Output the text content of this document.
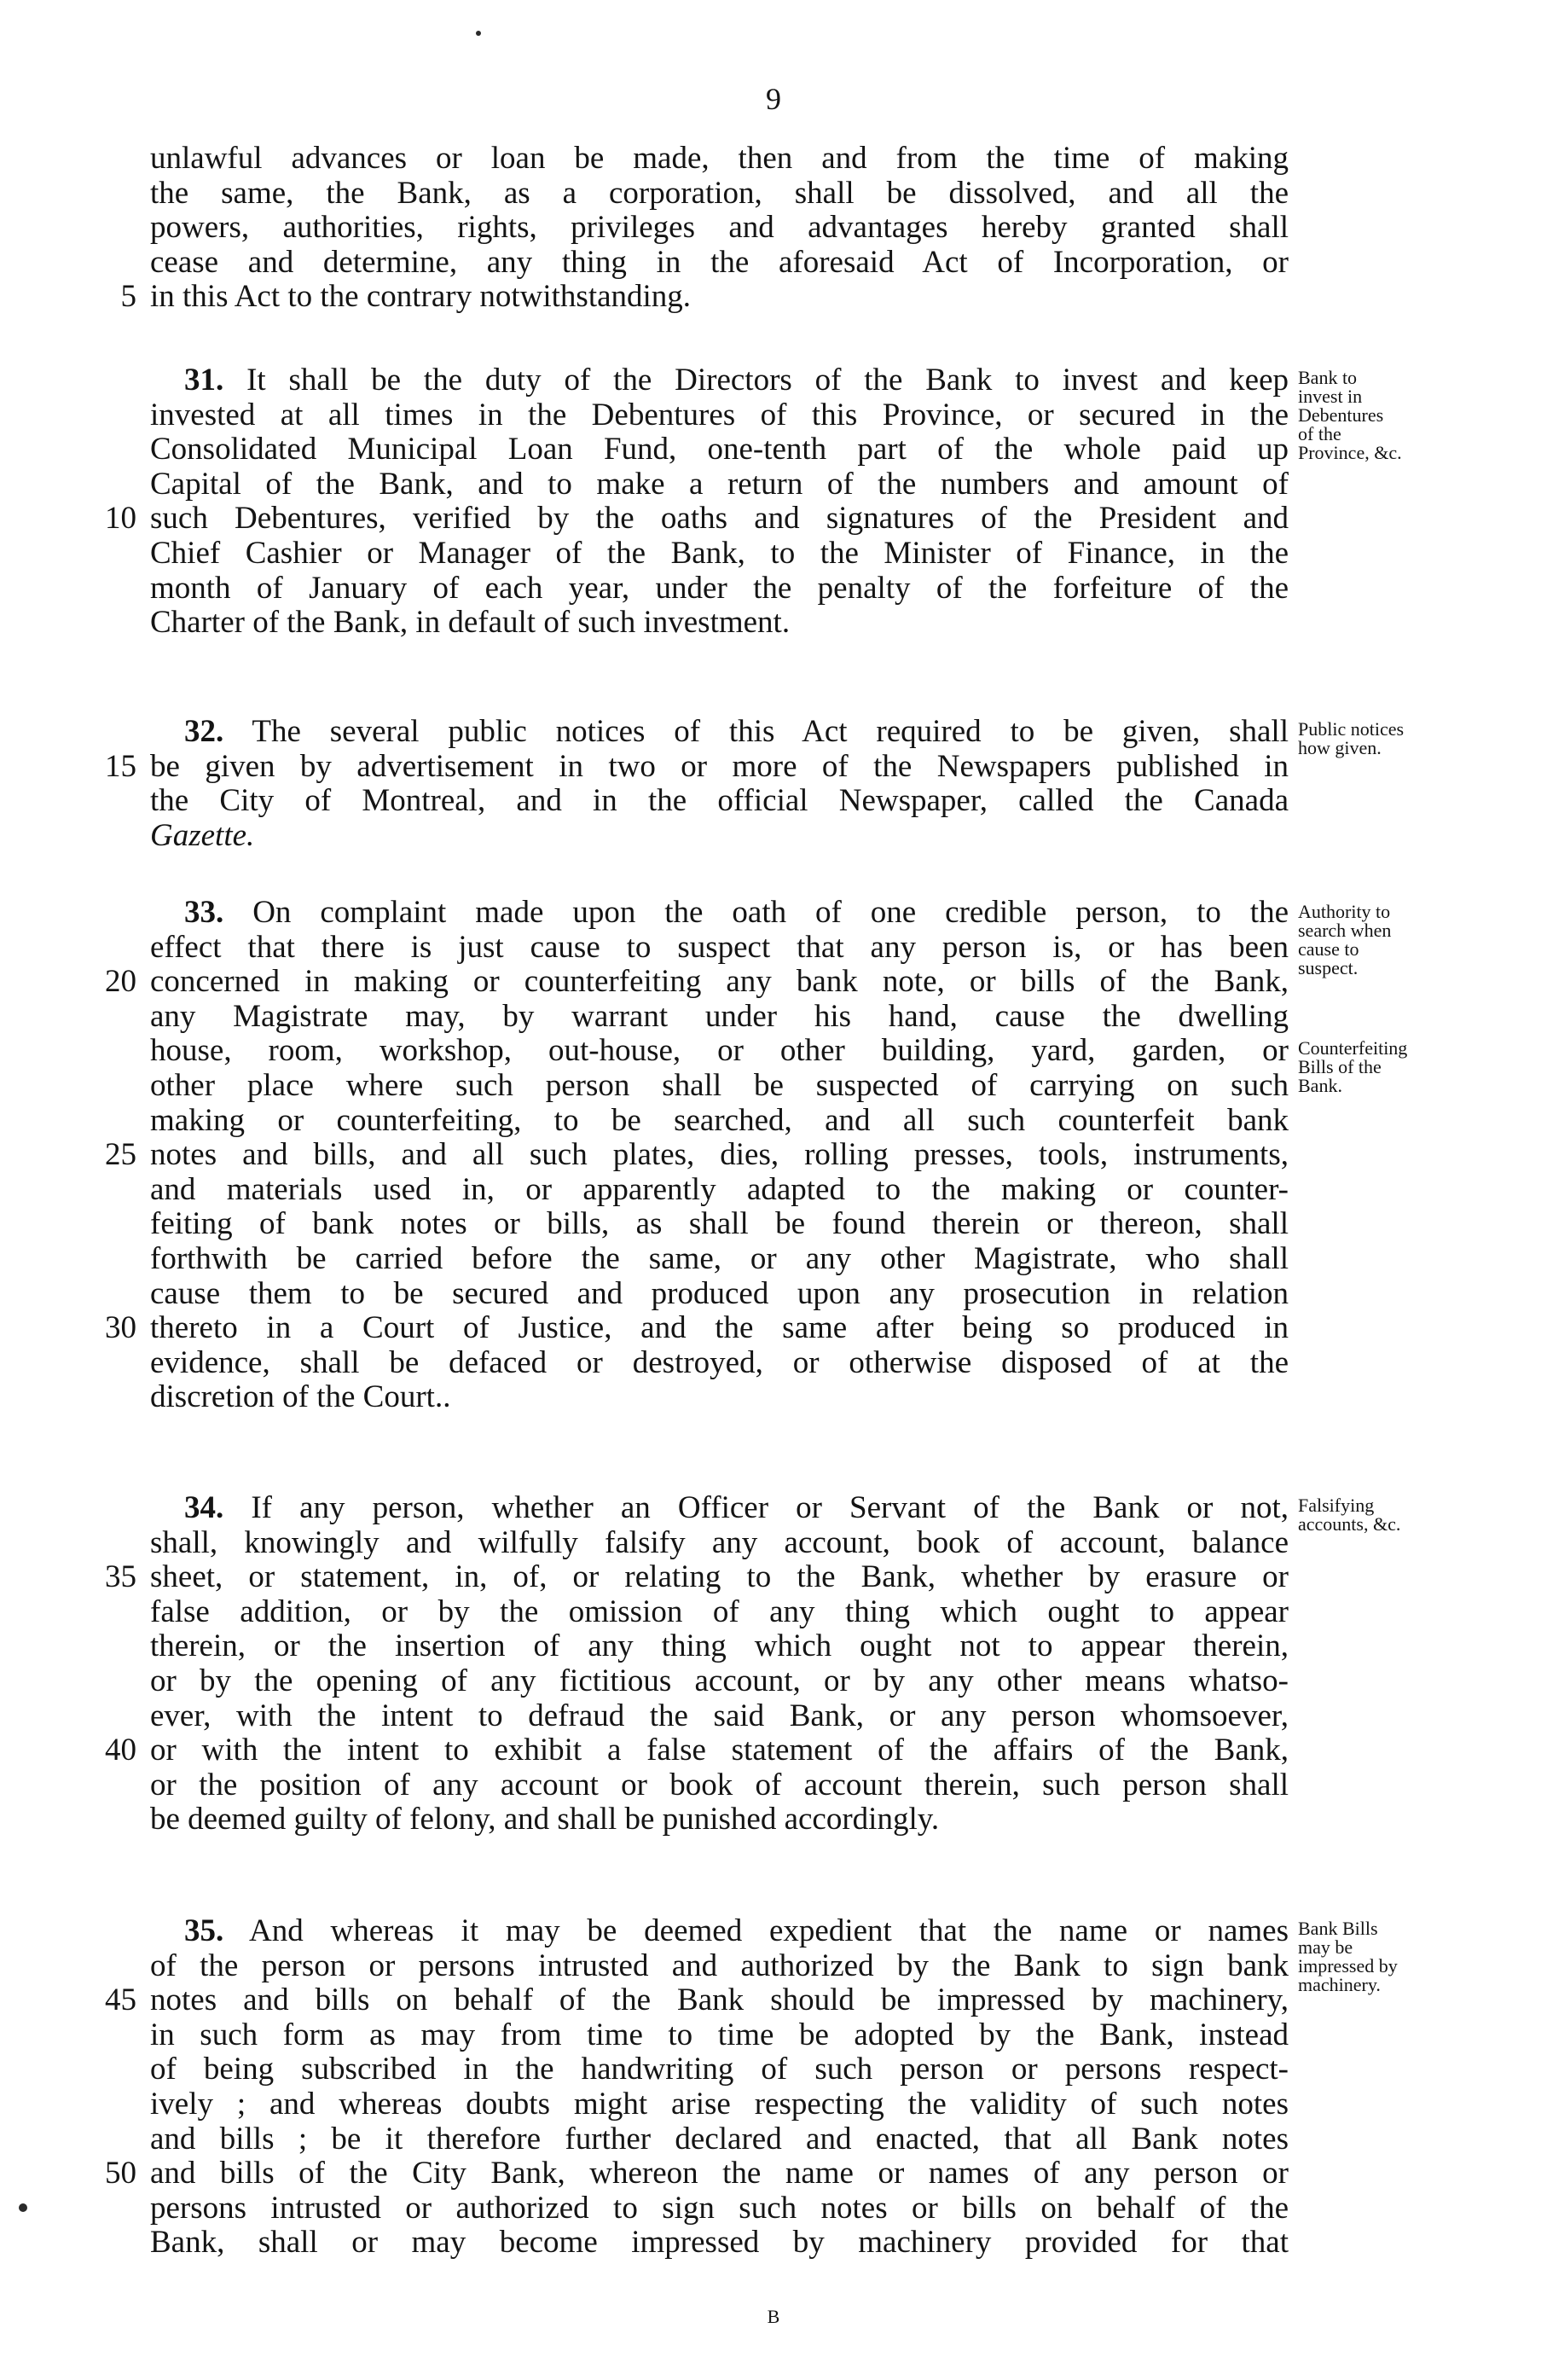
9
unlawful advances or loan be made, then and from the time of making
the same, the Bank, as a corporation, shall be dissolved, and all the
powers, authorities, rights, privileges and advantages hereby granted shall
cease and determine, any thing in the aforesaid Act of Incorporation, or
in this Act to the contrary notwithstanding.
5
31. It shall be the duty of the Directors of the Bank to invest and keep
invested at all times in the Debentures of this Province, or secured in the
Consolidated Municipal Loan Fund, one-tenth part of the whole paid up
Capital of the Bank, and to make a return of the numbers and amount of
such Debentures, verified by the oaths and signatures of the President and
10
Chief Cashier or Manager of the Bank, to the Minister of Finance, in the
month of January of each year, under the penalty of the forfeiture of the
Charter of the Bank, in default of such investment.
32. The several public notices of this Act required to be given, shall
be given by advertisement in two or more of the Newspapers published in
15
the City of Montreal, and in the official Newspaper, called the Canada
Gazette.
33. On complaint made upon the oath of one credible person, to the
effect that there is just cause to suspect that any person is, or has been
concerned in making or counterfeiting any bank note, or bills of the Bank,
20
any Magistrate may, by warrant under his hand, cause the dwelling
house, room, workshop, out-house, or other building, yard, garden, or
other place where such person shall be suspected of carrying on such
making or counterfeiting, to be searched, and all such counterfeit bank
notes and bills, and all such plates, dies, rolling presses, tools, instruments,
25
and materials used in, or apparently adapted to the making or counter-
feiting of bank notes or bills, as shall be found therein or thereon, shall
forthwith be carried before the same, or any other Magistrate, who shall
cause them to be secured and produced upon any prosecution in relation
thereto in a Court of Justice, and the same after being so produced in
30
evidence, shall be defaced or destroyed, or otherwise disposed of at the
discretion of the Court..
34. If any person, whether an Officer or Servant of the Bank or not,
shall, knowingly and wilfully falsify any account, book of account, balance
sheet, or statement, in, of, or relating to the Bank, whether by erasure or
35
false addition, or by the omission of any thing which ought to appear
therein, or the insertion of any thing which ought not to appear therein,
or by the opening of any fictitious account, or by any other means whatso-
ever, with the intent to defraud the said Bank, or any person whomsoever,
or with the intent to exhibit a false statement of the affairs of the Bank,
40
or the position of any account or book of account therein, such person shall
be deemed guilty of felony, and shall be punished accordingly.
35. And whereas it may be deemed expedient that the name or names
of the person or persons intrusted and authorized by the Bank to sign bank
notes and bills on behalf of the Bank should be impressed by machinery,
45
in such form as may from time to time be adopted by the Bank, instead
of being subscribed in the handwriting of such person or persons respect-
ively ; and whereas doubts might arise respecting the validity of such notes
and bills ; be it therefore further declared and enacted, that all Bank notes
and bills of the City Bank, whereon the name or names of any person or
50
persons intrusted or authorized to sign such notes or bills on behalf of the
Bank, shall or may become impressed by machinery provided for that
Bank to
invest in
Debentures
of the
Province, &c.
Public notices
how given.
Authority to
search when
cause to
suspect.
Counterfeiting
Bills of the
Bank.
Falsifying
accounts, &c.
Bank Bills
may be
impressed by
machinery.
B
